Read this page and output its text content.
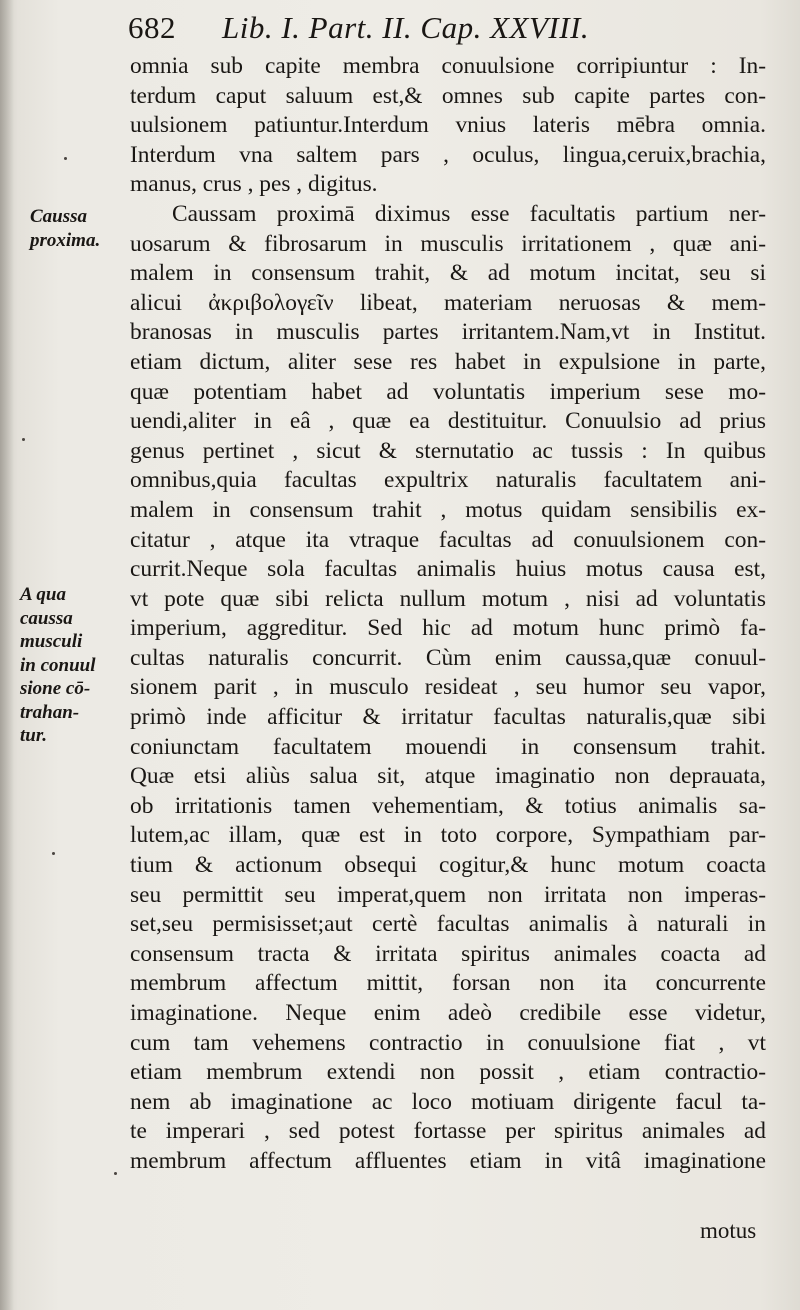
682 Lib. I. Part. II. Cap. XXVIII.
Caussa
proxima.
A qua
caussa
musculi
in conuul
sione cō-
trahan-
tur.
omnia sub capite membra conuulsione corripiuntur : In-
terdum caput saluum est,& omnes sub capite partes con-
uulsionem patiuntur.Interdum vnius lateris mēbra omnia.
Interdum vna saltem pars , oculus, lingua,ceruix,brachia,
manus, crus , pes , digitus.
Caussam proximā diximus esse facultatis partium ner-
uosarum & fibrosarum in musculis irritationem , quæ ani-
malem in consensum trahit, & ad motum incitat, seu si
alicui ἀκριβολογεῖν libeat, materiam neruosas & mem-
branosas in musculis partes irritantem.Nam,vt in Institut.
etiam dictum, aliter sese res habet in expulsione in parte,
quæ potentiam habet ad voluntatis imperium sese mo-
uendi,aliter in eâ , quæ ea destituitur. Conuulsio ad prius
genus pertinet , sicut & sternutatio ac tussis : In quibus
omnibus,quia facultas expultrix naturalis facultatem ani-
malem in consensum trahit , motus quidam sensibilis ex-
citatur , atque ita vtraque facultas ad conuulsionem con-
currit.Neque sola facultas animalis huius motus causa est,
vt pote quæ sibi relicta nullum motum , nisi ad voluntatis
imperium, aggreditur. Sed hic ad motum hunc primò fa-
cultas naturalis concurrit. Cùm enim caussa,quæ conuul-
sionem parit , in musculo resideat , seu humor seu vapor,
primò inde afficitur & irritatur facultas naturalis,quæ sibi
coniunctam facultatem mouendi in consensum trahit.
Quæ etsi aliùs salua sit, atque imaginatio non deprauata,
ob irritationis tamen vehementiam, & totius animalis sa-
lutem,ac illam, quæ est in toto corpore, Sympathiam par-
tium & actionum obsequi cogitur,& hunc motum coacta
seu permittit seu imperat,quem non irritata non imperas-
set,seu permisisset;aut certè facultas animalis à naturali in
consensum tracta & irritata spiritus animales coacta ad
membrum affectum mittit, forsan non ita concurrente
imaginatione. Neque enim adeò credibile esse videtur,
cum tam vehemens contractio in conuulsione fiat , vt
etiam membrum extendi non possit , etiam contractio-
nem ab imaginatione ac loco motiuam dirigente facul ta-
te imperari , sed potest fortasse per spiritus animales ad
membrum affectum affluentes etiam in vitâ imaginatione
motus
